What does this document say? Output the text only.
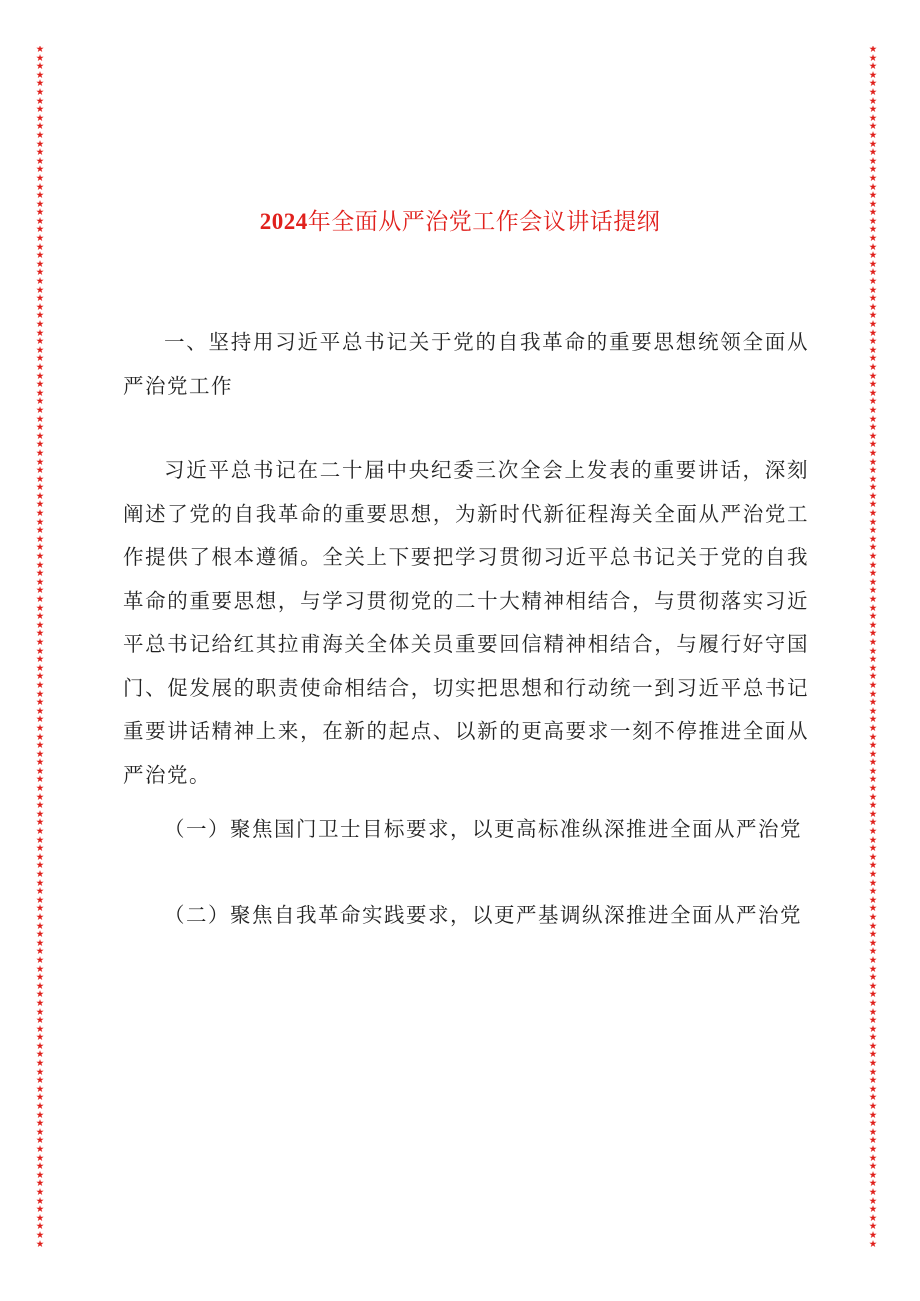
★
★
★
★
★
★
★
★
★
★
★
★
★
★
★
★
★
★
★
★
★
★
★
★
★
★
★
★
★
★
★
★
★
★
★
★
★
★
★
★
★
★
★
★
★
★
★
★
★
★
★
★
★
★
★
★
★
★
★
★
★
★
★
★
★
★
★
★
★
★
★
★
★
★
★
★
★
★
★
★
★
★
★
★
★
★
★
★
★
★
★
★
★
★
★
★
★
★
★
★
★
★
★
★
★
★
★
★
★
★
★
★
★
★
★
★
★
★
★
★
★
★
★
★
★
★
★
★
★
★
★
★
★
★
★
★
★
★
★
★
★
★
★
★
★
★
★
★
★
★
★
★
★
★
★
★
★
★
★
★
★
★
★
★
★
★
★
★
★
★
★
★
★
★
★
★
★
★
★
★
★
★
★
★
★
★
★
★
★
★
★
★
★
★
★
★
★
★
★
★
★
★
★
★
★
★
★
★
★
★
★
★
★
★
★
★
★
★
★
★
★
★
★
★
★
★
★
★
★
★
★
★
★
★
★
★
★
★
★
★
★
★
★
★
★
★
★
★
★
★
★
★
★
★
★
★
★
★
★
★
★
★
★
★
★
★
★
★
★
★
★
★
★
★
★
★
★
★
★
★
2024年全面从严治党工作会议讲话提纲

一、坚持用习近平总书记关于党的自我革命的重要思想统领全面从严治党工作

习近平总书记在二十届中央纪委三次全会上发表的重要讲话，深刻阐述了党的自我革命的重要思想，为新时代新征程海关全面从严治党工作提供了根本遵循。全关上下要把学习贯彻习近平总书记关于党的自我革命的重要思想，与学习贯彻党的二十大精神相结合，与贯彻落实习近平总书记给红其拉甫海关全体关员重要回信精神相结合，与履行好守国门、促发展的职责使命相结合，切实把思想和行动统一到习近平总书记重要讲话精神上来，在新的起点、以新的更高要求一刻不停推进全面从严治党。

（一）聚焦国门卫士目标要求，以更高标准纵深推进全面从严治党

（二）聚焦自我革命实践要求，以更严基调纵深推进全面从严治党
